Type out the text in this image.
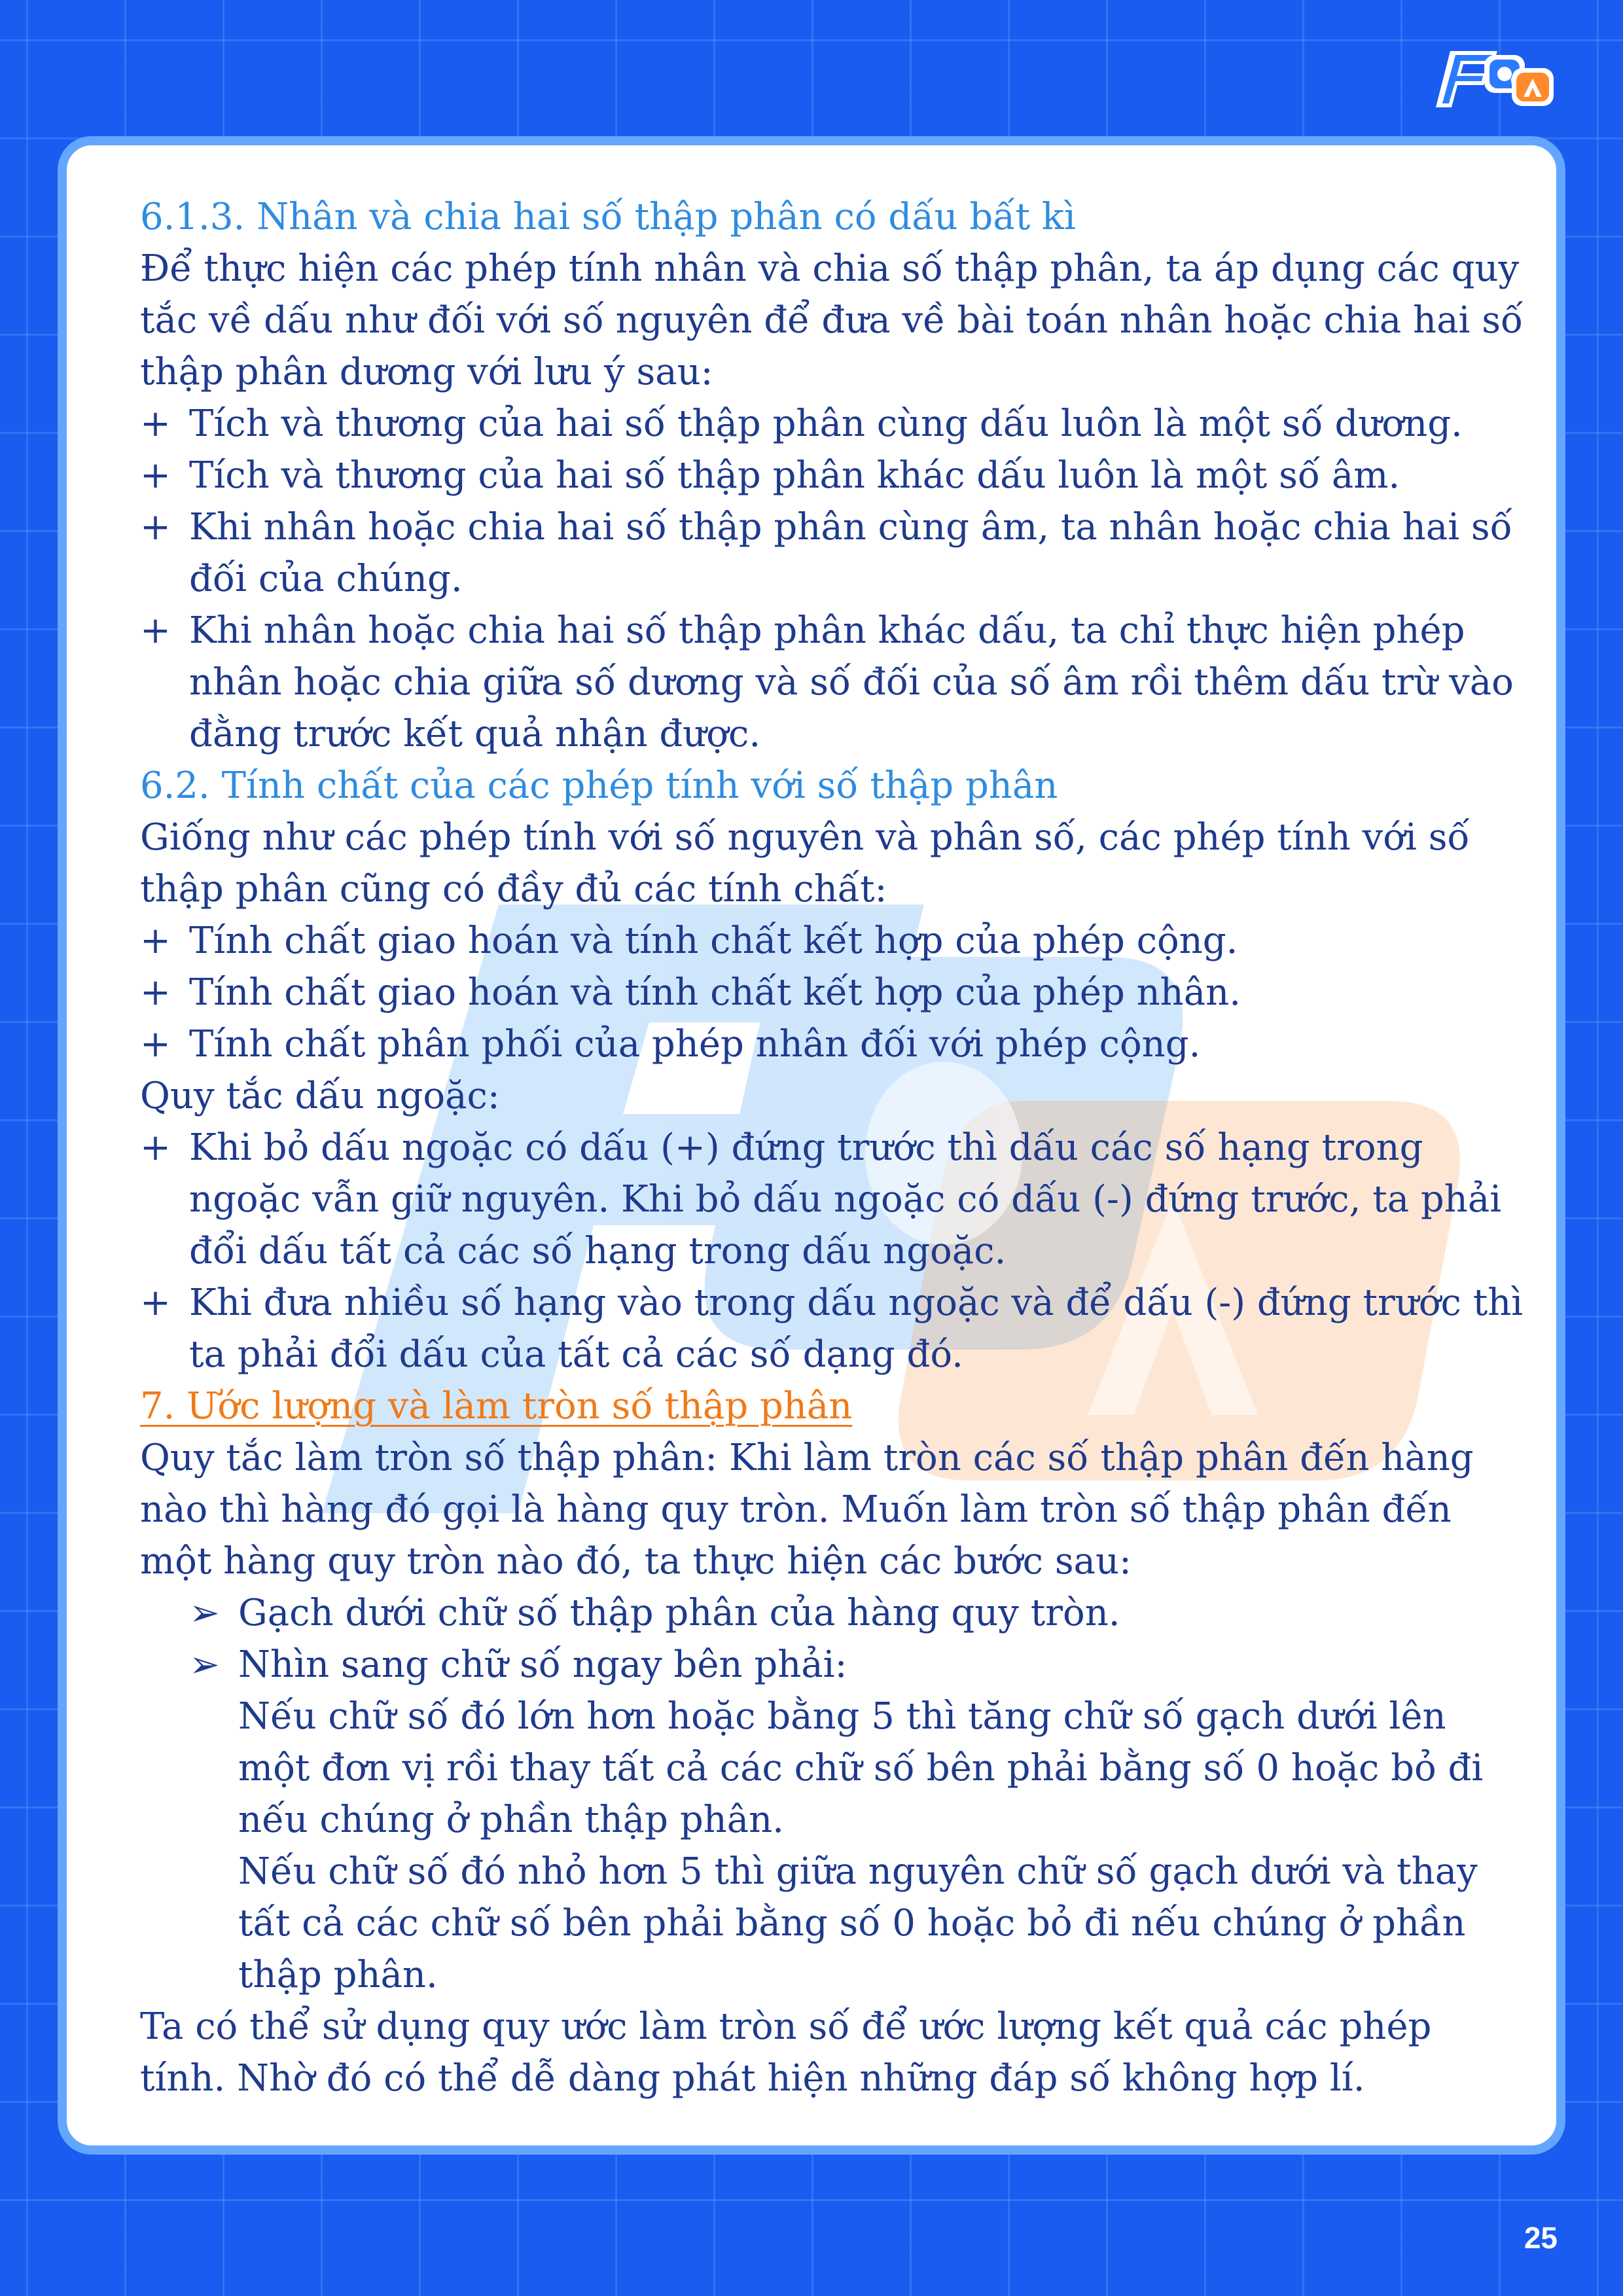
6.1.3. Nhân và chia hai số thập phân có dấu bất kì

Để thực hiện các phép tính nhân và chia số thập phân, ta áp dụng các quy tắc về dấu như đối với số nguyên để đưa về bài toán nhân hoặc chia hai số thập phân dương với lưu ý sau:

+ Tích và thương của hai số thập phân cùng dấu luôn là một số dương.

+ Tích và thương của hai số thập phân khác dấu luôn là một số âm.

+ Khi nhân hoặc chia hai số thập phân cùng âm, ta nhân hoặc chia hai số đối của chúng.

+ Khi nhân hoặc chia hai số thập phân khác dấu, ta chỉ thực hiện phép nhân hoặc chia giữa số dương và số đối của số âm rồi thêm dấu trừ vào đằng trước kết quả nhận được.

6.2. Tính chất của các phép tính với số thập phân

Giống như các phép tính với số nguyên và phân số, các phép tính với số thập phân cũng có đầy đủ các tính chất:

+ Tính chất giao hoán và tính chất kết hợp của phép cộng.

+ Tính chất giao hoán và tính chất kết hợp của phép nhân.

+ Tính chất phân phối của phép nhân đối với phép cộng.

Quy tắc dấu ngoặc:

+ Khi bỏ dấu ngoặc có dấu (+) đứng trước thì dấu các số hạng trong ngoặc vẫn giữ nguyên. Khi bỏ dấu ngoặc có dấu (-) đứng trước, ta phải đổi dấu tất cả các số hạng trong dấu ngoặc.

+ Khi đưa nhiều số hạng vào trong dấu ngoặc và để dấu (-) đứng trước thì ta phải đổi dấu của tất cả các số dạng đó.

7. Ước lượng và làm tròn số thập phân

Quy tắc làm tròn số thập phân: Khi làm tròn các số thập phân đến hàng nào thì hàng đó gọi là hàng quy tròn. Muốn làm tròn số thập phân đến một hàng quy tròn nào đó, ta thực hiện các bước sau:

➢ Gạch dưới chữ số thập phân của hàng quy tròn.

➢ Nhìn sang chữ số ngay bên phải:

Nếu chữ số đó lớn hơn hoặc bằng 5 thì tăng chữ số gạch dưới lên một đơn vị rồi thay tất cả các chữ số bên phải bằng số 0 hoặc bỏ đi nếu chúng ở phần thập phân.

Nếu chữ số đó nhỏ hơn 5 thì giữa nguyên chữ số gạch dưới và thay tất cả các chữ số bên phải bằng số 0 hoặc bỏ đi nếu chúng ở phần thập phân.

Ta có thể sử dụng quy ước làm tròn số để ước lượng kết quả các phép tính. Nhờ đó có thể dễ dàng phát hiện những đáp số không hợp lí.

25
